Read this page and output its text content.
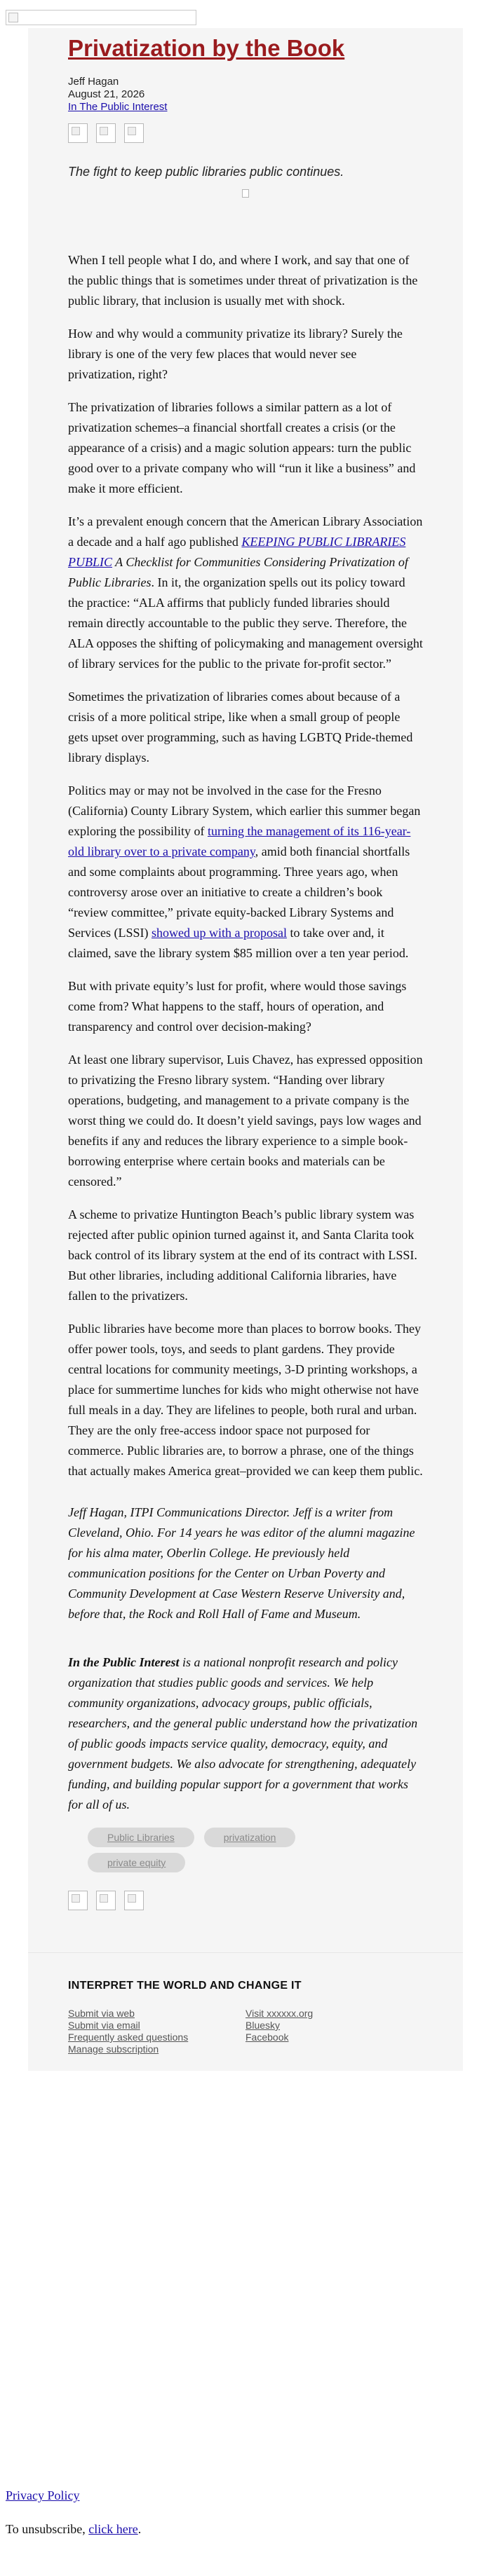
Privatization by the Book
Jeff Hagan
August 21, 2026
In The Public Interest
The fight to keep public libraries public continues.

When I tell people what I do, and where I work, and say that one of the public things that is sometimes under threat of privatization is the public library, that inclusion is usually met with shock.

How and why would a community privatize its library? Surely the library is one of the very few places that would never see privatization, right?

The privatization of libraries follows a similar pattern as a lot of privatization schemes–a financial shortfall creates a crisis (or the appearance of a crisis) and a magic solution appears: turn the public good over to a private company who will “run it like a business” and make it more efficient.

It’s a prevalent enough concern that the American Library Association a decade and a half ago published KEEPING PUBLIC LIBRARIES PUBLIC A Checklist for Communities Considering Privatization of Public Libraries. In it, the organization spells out its policy toward the practice: “ALA affirms that publicly funded libraries should remain directly accountable to the public they serve. Therefore, the ALA opposes the shifting of policymaking and management oversight of library services for the public to the private for-profit sector.”

Sometimes the privatization of libraries comes about because of a crisis of a more political stripe, like when a small group of people gets upset over programming, such as having LGBTQ Pride-themed library displays.

Politics may or may not be involved in the case for the Fresno (California) County Library System, which earlier this summer began exploring the possibility of turning the management of its 116-year-old library over to a private company, amid both financial shortfalls and some complaints about programming. Three years ago, when controversy arose over an initiative to create a children’s book “review committee,” private equity-backed Library Systems and Services (LSSI) showed up with a proposal to take over and, it claimed, save the library system $85 million over a ten year period.

But with private equity’s lust for profit, where would those savings come from? What happens to the staff, hours of operation, and transparency and control over decision-making?

At least one library supervisor, Luis Chavez, has expressed opposition to privatizing the Fresno library system. “Handing over library operations, budgeting, and management to a private company is the worst thing we could do. It doesn’t yield savings, pays low wages and benefits if any and reduces the library experience to a simple book-borrowing enterprise where certain books and materials can be censored.”

A scheme to privatize Huntington Beach’s public library system was rejected after public opinion turned against it, and Santa Clarita took back control of its library system at the end of its contract with LSSI. But other libraries, including additional California libraries, have fallen to the privatizers.

Public libraries have become more than places to borrow books. They offer power tools, toys, and seeds to plant gardens. They provide central locations for community meetings, 3-D printing workshops, a place for summertime lunches for kids who might otherwise not have full meals in a day. They are lifelines to people, both rural and urban. They are the only free-access indoor space not purposed for commerce. Public libraries are, to borrow a phrase, one of the things that actually makes America great–provided we can keep them public.

Jeff Hagan, ITPI Communications Director. Jeff is a writer from Cleveland, Ohio. For 14 years he was editor of the alumni magazine for his alma mater, Oberlin College. He previously held communication positions for the Center on Urban Poverty and Community Development at Case Western Reserve University and, before that, the Rock and Roll Hall of Fame and Museum.

In the Public Interest is a national nonprofit research and policy organization that studies public goods and services. We help community organizations, advocacy groups, public officials, researchers, and the general public understand how the privatization of public goods impacts service quality, democracy, equity, and government budgets. We also advocate for strengthening, adequately funding, and building popular support for a government that works for all of us.

Public Libraries	privatization
private equity
INTERPRET THE WORLD AND CHANGE IT
Submit via web
Submit via email
Frequently asked questions
Manage subscription
Visit xxxxxx.org
Bluesky
Facebook
Privacy Policy
To unsubscribe, click here.
